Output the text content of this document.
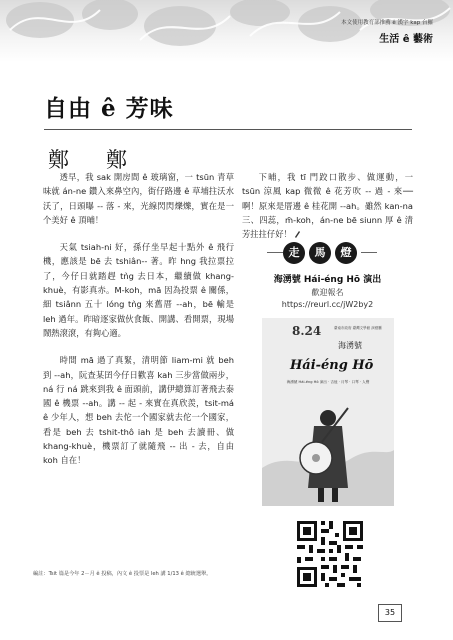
本文使用教育部推薦 ê 漢字 kap 台羅
生活 ê 藝術
自由 ê 芳味
鄭　鄭

透早，我 sak 開房間 ê 玻璃窗，一 tsūn 青草味就 án-ne 鑽入來鼻空內，街仔路邊 ê 草埔拄沃水沃了，日頭曝 -- 落 - 來，光線閃閃爍爍，實在是一个美好 ê 頂晡！

天氣 tsiah-ni 好，孫仔坐早起十點外 ê 飛行機，應該是 bē 去 tshiân-- 著。昨 hng 我拉票拉了，今仔日就踏趕 tǹg 去日本，繼續做 khang-khuè，有影真赤。M-koh，mā 因為投票 ê 關係，細 tsiânn 五十 lóng tǹg 來舊厝 --ah，bē 輸是 leh 過年。昨暗逐家做伙食飯、開講、看開票，現場鬧熱滾滾，有夠心適。

時間 mā 過了真緊，清明節 liam-mi 就 beh 到 --ah，阮查某囝今仔日歡喜 kah 三步當做兩步，ná 行 ná 跳來到我 ê 面頭前，講伊總算訂著飛去泰國 ê 機票 --ah。講 -- 起 - 來實在真欣羨，tsit-má ê 少年人，想 beh 去佗一个國家就去佗一个國家，看是 beh 去 tshit-thô iah 是 beh 去讀冊、做 khang-khuè，機票訂了就隨飛 -- 出 - 去，自由 koh 自在！

下晡，我 tī 門跤口散步、做運動，一 tsūn 涼風 kap 微微 ê 花芳吹 -- 過 - 來──啊！原來是厝邊 ê 桂花開 --ah。雖然 kan-na 三、四蕊，m̄-koh，án-ne bē siunn 厚 ê 清芳拄拄仔好！

走	馬	燈
海湧號 Hái-éng Hō 演出
歡迎報名
https://reurl.cc/jW2by2
8.24	臺南市政府 臺灣文學館 演藝廳
海湧號
Hái-éng Hō
海湧號 Hái-éng Hō 演出 · 吉他 · 月琴 · 口琴 · 人聲
編註：Tsit 篇是今年 2－月 ê 投稿，內文 ê 投票是 leh 講 1/13 ê 總統選舉。
35
